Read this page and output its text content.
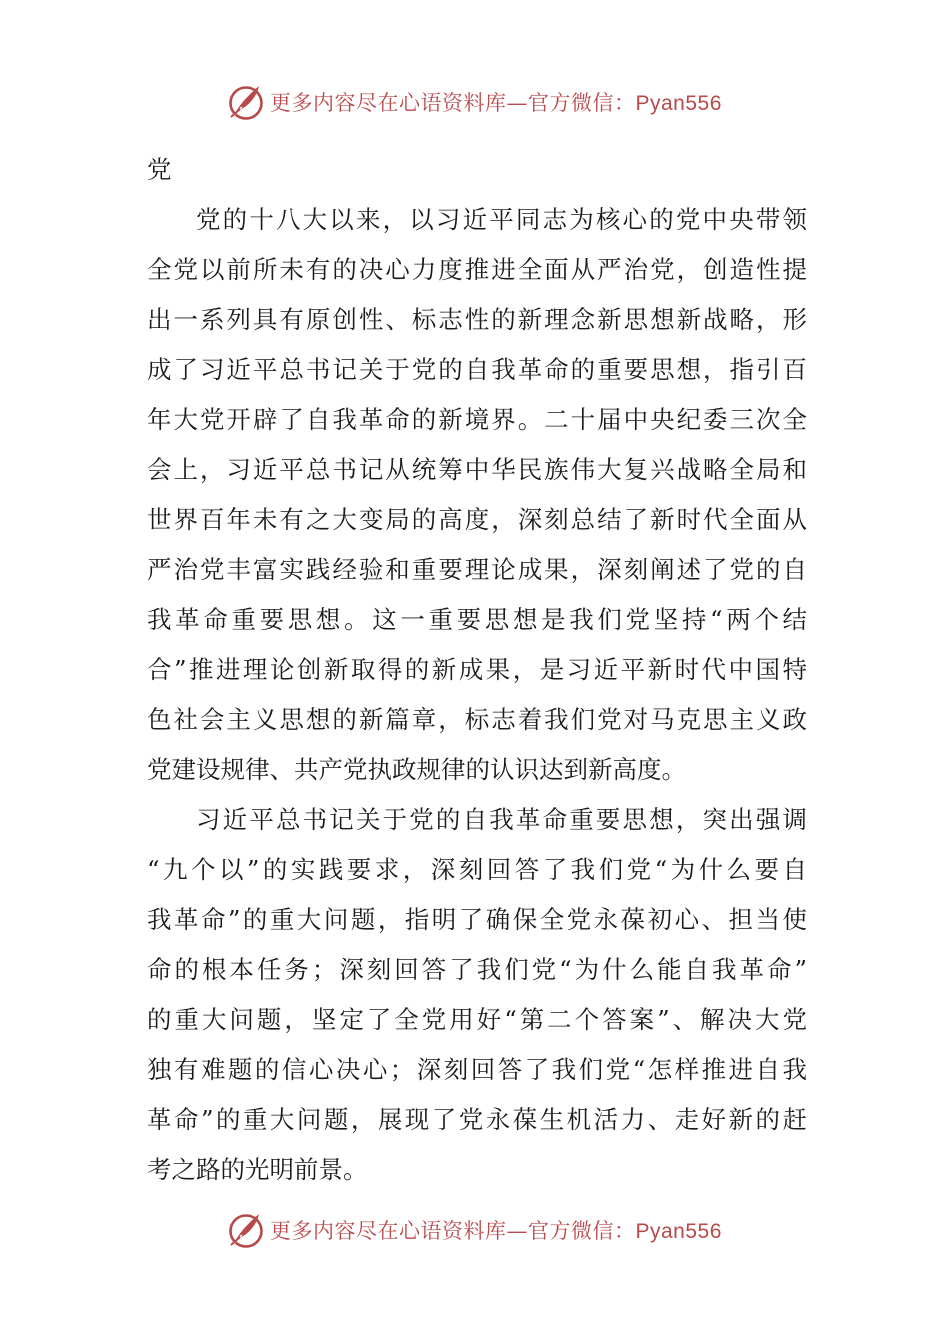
更多内容尽在心语资料库—官方微信：Pyan556
党
党的十八大以来，以习近平同志为核心的党中央带领
全党以前所未有的决心力度推进全面从严治党，创造性提
出一系列具有原创性、标志性的新理念新思想新战略，形
成了习近平总书记关于党的自我革命的重要思想，指引百
年大党开辟了自我革命的新境界。二十届中央纪委三次全
会上，习近平总书记从统筹中华民族伟大复兴战略全局和
世界百年未有之大变局的高度，深刻总结了新时代全面从
严治党丰富实践经验和重要理论成果，深刻阐述了党的自
我革命重要思想。这一重要思想是我们党坚持“两个结
合”推进理论创新取得的新成果，是习近平新时代中国特
色社会主义思想的新篇章，标志着我们党对马克思主义政
党建设规律、共产党执政规律的认识达到新高度。
习近平总书记关于党的自我革命重要思想，突出强调
“九个以”的实践要求，深刻回答了我们党“为什么要自
我革命”的重大问题，指明了确保全党永葆初心、担当使
命的根本任务；深刻回答了我们党“为什么能自我革命”
的重大问题，坚定了全党用好“第二个答案”、解决大党
独有难题的信心决心；深刻回答了我们党“怎样推进自我
革命”的重大问题，展现了党永葆生机活力、走好新的赶
考之路的光明前景。
更多内容尽在心语资料库—官方微信：Pyan556
